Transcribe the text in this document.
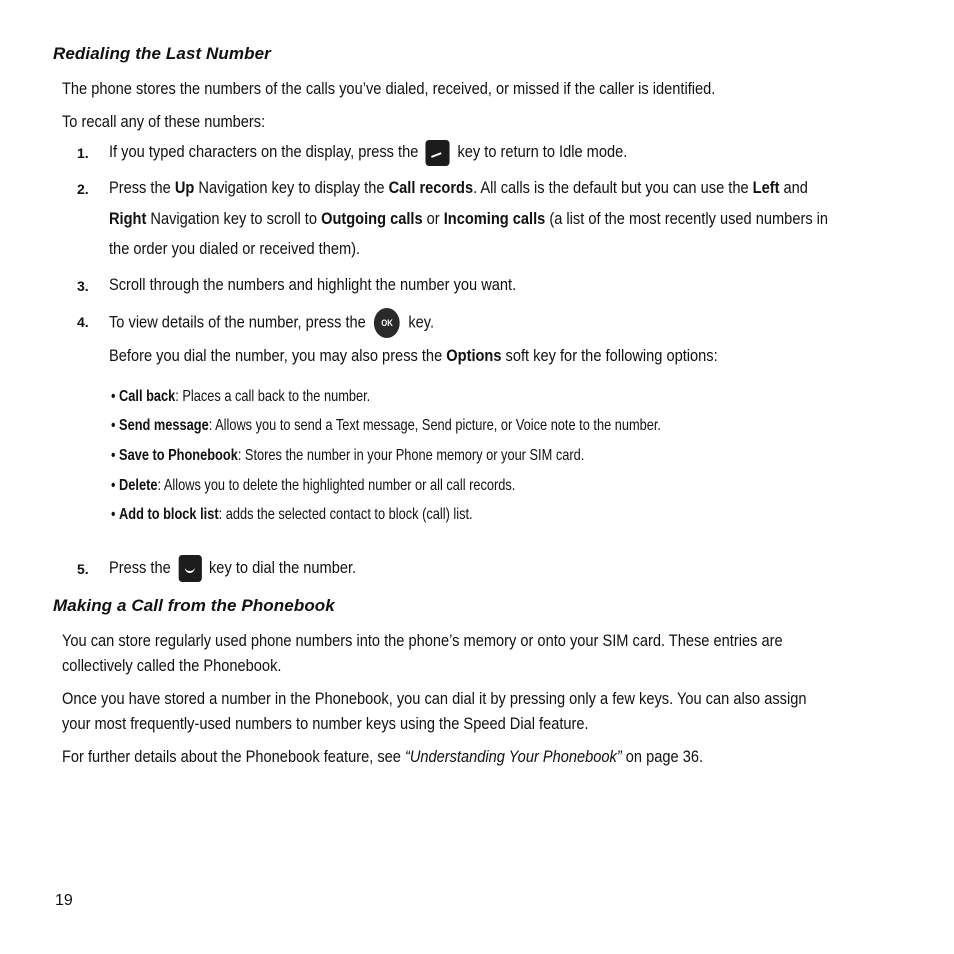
Redialing the Last Number
The phone stores the numbers of the calls you’ve dialed, received, or missed if the caller is identified.
To recall any of these numbers:
1. If you typed characters on the display, press the key to return to Idle mode.
2. Press the Up Navigation key to display the Call records. All calls is the default but you can use the Left and
Right Navigation key to scroll to Outgoing calls or Incoming calls (a list of the most recently used numbers in
the order you dialed or received them).
3. Scroll through the numbers and highlight the number you want.
4. To view details of the number, press the OK key.
Before you dial the number, you may also press the Options soft key for the following options:
• Call back: Places a call back to the number.
• Send message: Allows you to send a Text message, Send picture, or Voice note to the number.
• Save to Phonebook: Stores the number in your Phone memory or your SIM card.
• Delete: Allows you to delete the highlighted number or all call records.
• Add to block list: adds the selected contact to block (call) list.
5. Press the key to dial the number.
Making a Call from the Phonebook
You can store regularly used phone numbers into the phone’s memory or onto your SIM card. These entries are
collectively called the Phonebook.
Once you have stored a number in the Phonebook, you can dial it by pressing only a few keys. You can also assign
your most frequently-used numbers to number keys using the Speed Dial feature.
For further details about the Phonebook feature, see “Understanding Your Phonebook” on page 36.
19
